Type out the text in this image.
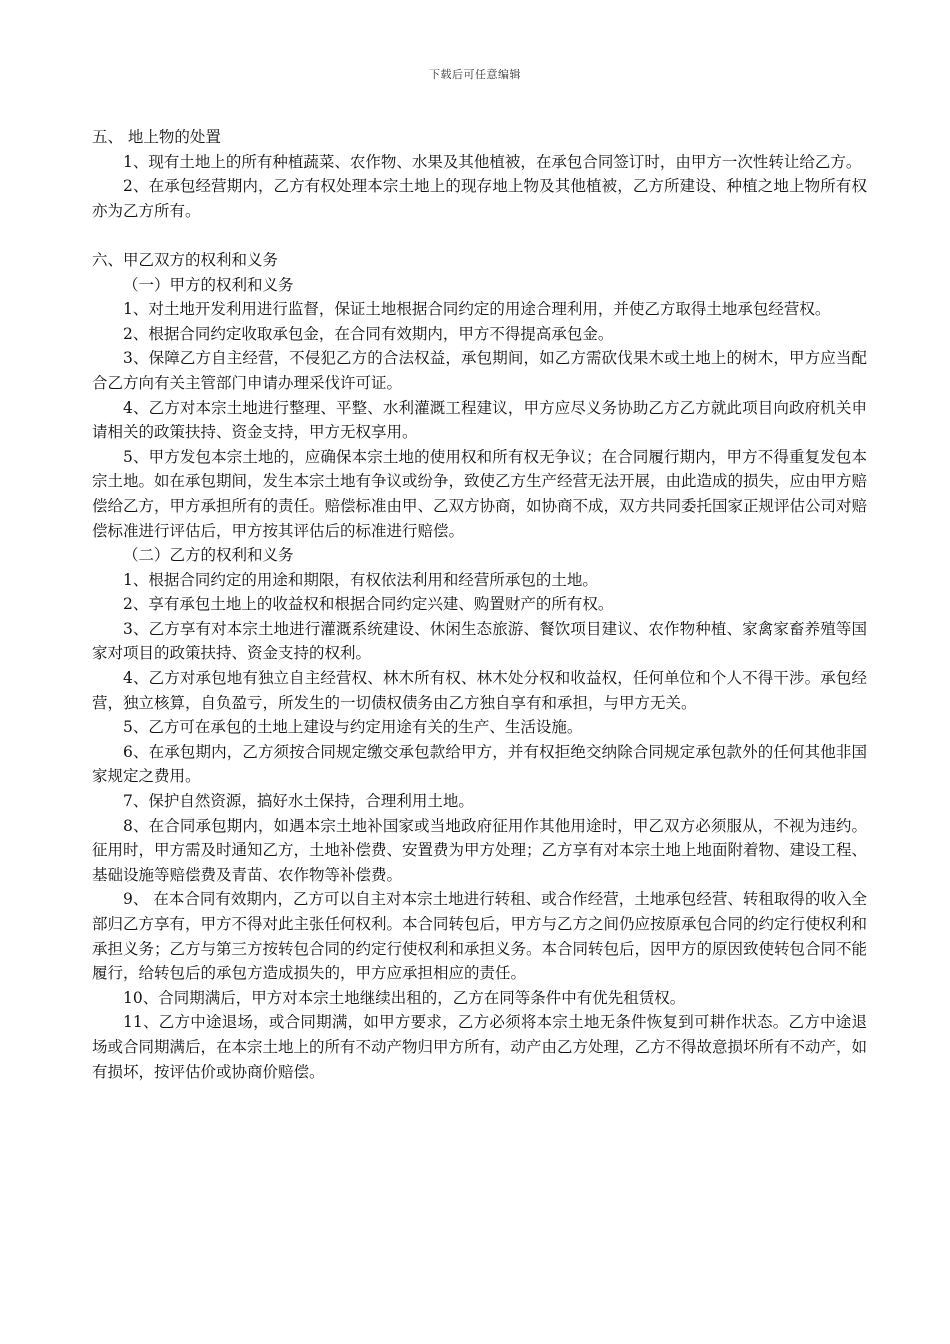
下载后可任意编辑

五、 地上物的处置

1、现有土地上的所有种植蔬菜、农作物、水果及其他植被，在承包合同签订时，由甲方一次性转让给乙方。

2、在承包经营期内，乙方有权处理本宗土地上的现存地上物及其他植被，乙方所建设、种植之地上物所有权亦为乙方所有。

六、甲乙双方的权利和义务

（一）甲方的权利和义务

1、对土地开发利用进行监督，保证土地根据合同约定的用途合理利用，并使乙方取得土地承包经营权。

2、根据合同约定收取承包金，在合同有效期内，甲方不得提高承包金。

3、保障乙方自主经营，不侵犯乙方的合法权益，承包期间，如乙方需砍伐果木或土地上的树木，甲方应当配合乙方向有关主管部门申请办理采伐许可证。

4、乙方对本宗土地进行整理、平整、水利灌溉工程建议，甲方应尽义务协助乙方乙方就此项目向政府机关申请相关的政策扶持、资金支持，甲方无权享用。

5、甲方发包本宗土地的，应确保本宗土地的使用权和所有权无争议；在合同履行期内，甲方不得重复发包本宗土地。如在承包期间，发生本宗土地有争议或纷争，致使乙方生产经营无法开展，由此造成的损失，应由甲方赔偿给乙方，甲方承担所有的责任。赔偿标准由甲、乙双方协商，如协商不成，双方共同委托国家正规评估公司对赔偿标准进行评估后，甲方按其评估后的标准进行赔偿。

（二）乙方的权利和义务

1、根据合同约定的用途和期限，有权依法利用和经营所承包的土地。

2、享有承包土地上的收益权和根据合同约定兴建、购置财产的所有权。

3、乙方享有对本宗土地进行灌溉系统建设、休闲生态旅游、餐饮项目建议、农作物种植、家禽家畜养殖等国家对项目的政策扶持、资金支持的权利。

4、乙方对承包地有独立自主经营权、林木所有权、林木处分权和收益权，任何单位和个人不得干涉。承包经营，独立核算，自负盈亏，所发生的一切债权债务由乙方独自享有和承担，与甲方无关。

5、乙方可在承包的土地上建设与约定用途有关的生产、生活设施。

6、在承包期内，乙方须按合同规定缴交承包款给甲方，并有权拒绝交纳除合同规定承包款外的任何其他非国家规定之费用。

7、保护自然资源，搞好水土保持，合理利用土地。

8、在合同承包期内，如遇本宗土地补国家或当地政府征用作其他用途时，甲乙双方必须服从，不视为违约。征用时，甲方需及时通知乙方，土地补偿费、安置费为甲方处理；乙方享有对本宗土地上地面附着物、建设工程、基础设施等赔偿费及青苗、农作物等补偿费。

9、 在本合同有效期内，乙方可以自主对本宗土地进行转租、或合作经营，土地承包经营、转租取得的收入全部归乙方享有，甲方不得对此主张任何权利。本合同转包后，甲方与乙方之间仍应按原承包合同的约定行使权利和承担义务；乙方与第三方按转包合同的约定行使权利和承担义务。本合同转包后，因甲方的原因致使转包合同不能履行，给转包后的承包方造成损失的，甲方应承担相应的责任。

10、合同期满后，甲方对本宗土地继续出租的，乙方在同等条件中有优先租赁权。

11、乙方中途退场，或合同期满，如甲方要求，乙方必须将本宗土地无条件恢复到可耕作状态。乙方中途退场或合同期满后，在本宗土地上的所有不动产物归甲方所有，动产由乙方处理，乙方不得故意损坏所有不动产，如有损坏，按评估价或协商价赔偿。
